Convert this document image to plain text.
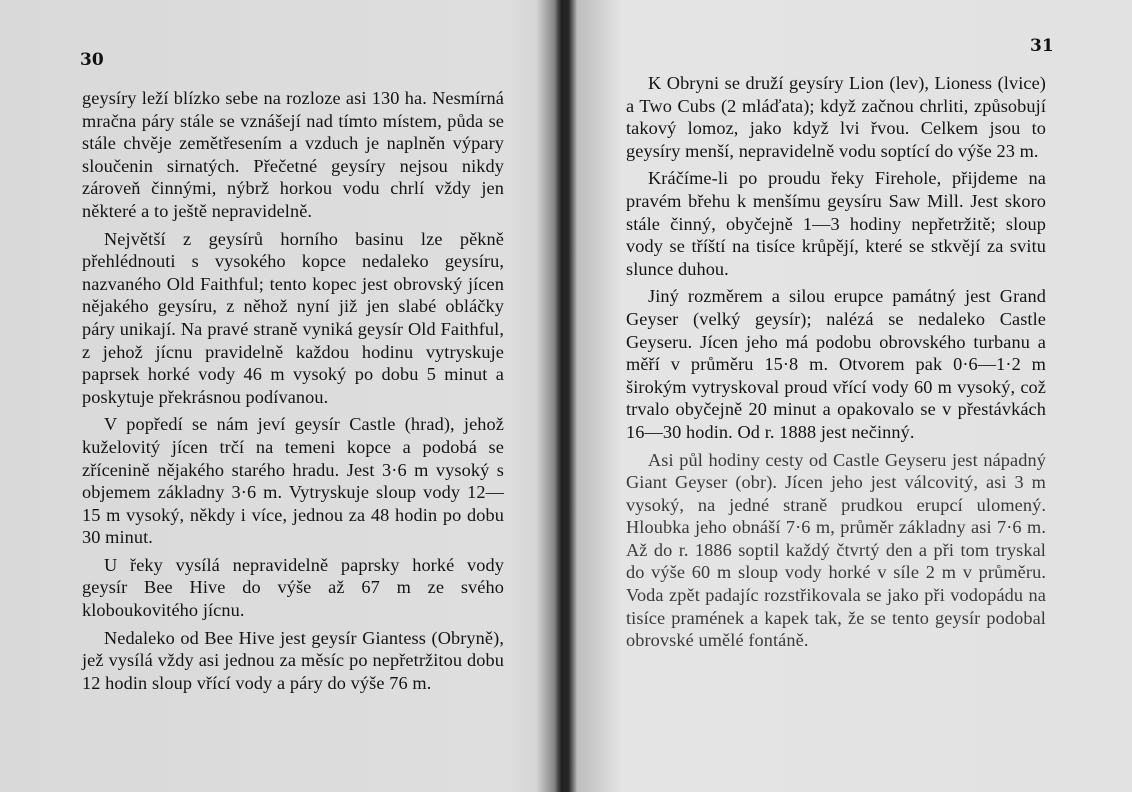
30

geysíry leží blízko sebe na rozloze asi 130 ha. Nesmírná mračna páry stále se vznášejí nad tímto místem, půda se stále chvěje zemětřesením a vzduch je naplněn výpary sloučenin sirnatých. Přečetné geysíry nejsou nikdy zároveň činnými, nýbrž horkou vodu chrlí vždy jen některé a to ještě nepravidelně.

Největší z geysírů horního basinu lze pěkně přehlédnouti s vysokého kopce nedaleko geysíru, nazvaného Old Faithful; tento kopec jest obrovský jícen nějakého geysíru, z něhož nyní již jen slabé obláčky páry unikají. Na pravé straně vyniká geysír Old Faithful, z jehož jícnu pravidelně každou hodinu vytryskuje paprsek horké vody 46 m vysoký po dobu 5 minut a poskytuje překrásnou podívanou.

V popředí se nám jeví geysír Castle (hrad), jehož kuželovitý jícen trčí na temeni kopce a podobá se zřícenině nějakého starého hradu. Jest 3·6 m vysoký s objemem základny 3·6 m. Vytryskuje sloup vody 12—15 m vysoký, někdy i více, jednou za 48 hodin po dobu 30 minut.

U řeky vysílá nepravidelně paprsky horké vody geysír Bee Hive do výše až 67 m ze svého kloboukovitého jícnu.

Nedaleko od Bee Hive jest geysír Giantess (Obryně), jež vysílá vždy asi jednou za měsíc po nepřetržitou dobu 12 hodin sloup vřící vody a páry do výše 76 m.

31

K Obryni se druží geysíry Lion (lev), Lioness (lvice) a Two Cubs (2 mláďata); když začnou chrliti, způsobují takový lomoz, jako když lvi řvou. Celkem jsou to geysíry menší, nepravidelně vodu soptící do výše 23 m.

Kráčíme-li po proudu řeky Firehole, přijdeme na pravém břehu k menšímu geysíru Saw Mill. Jest skoro stále činný, obyčejně 1—3 hodiny nepřetržitě; sloup vody se tříští na tisíce krůpějí, které se stkvějí za svitu slunce duhou.

Jiný rozměrem a silou erupce památný jest Grand Geyser (velký geysír); nalézá se nedaleko Castle Geyseru. Jícen jeho má podobu obrovského turbanu a měří v průměru 15·8 m. Otvorem pak 0·6—1·2 m širokým vytryskoval proud vřící vody 60 m vysoký, což trvalo obyčejně 20 minut a opakovalo se v přestávkách 16—30 hodin. Od r. 1888 jest nečinný.

Asi půl hodiny cesty od Castle Geyseru jest nápadný Giant Geyser (obr). Jícen jeho jest válcovitý, asi 3 m vysoký, na jedné straně prudkou erupcí ulomený. Hloubka jeho obnáší 7·6 m, průměr základny asi 7·6 m. Až do r. 1886 soptil každý čtvrtý den a při tom tryskal do výše 60 m sloup vody horké v síle 2 m v průměru. Voda zpět padajíc rozstřikovala se jako při vodopádu na tisíce pramének a kapek tak, že se tento geysír podobal obrovské umělé fontáně.
